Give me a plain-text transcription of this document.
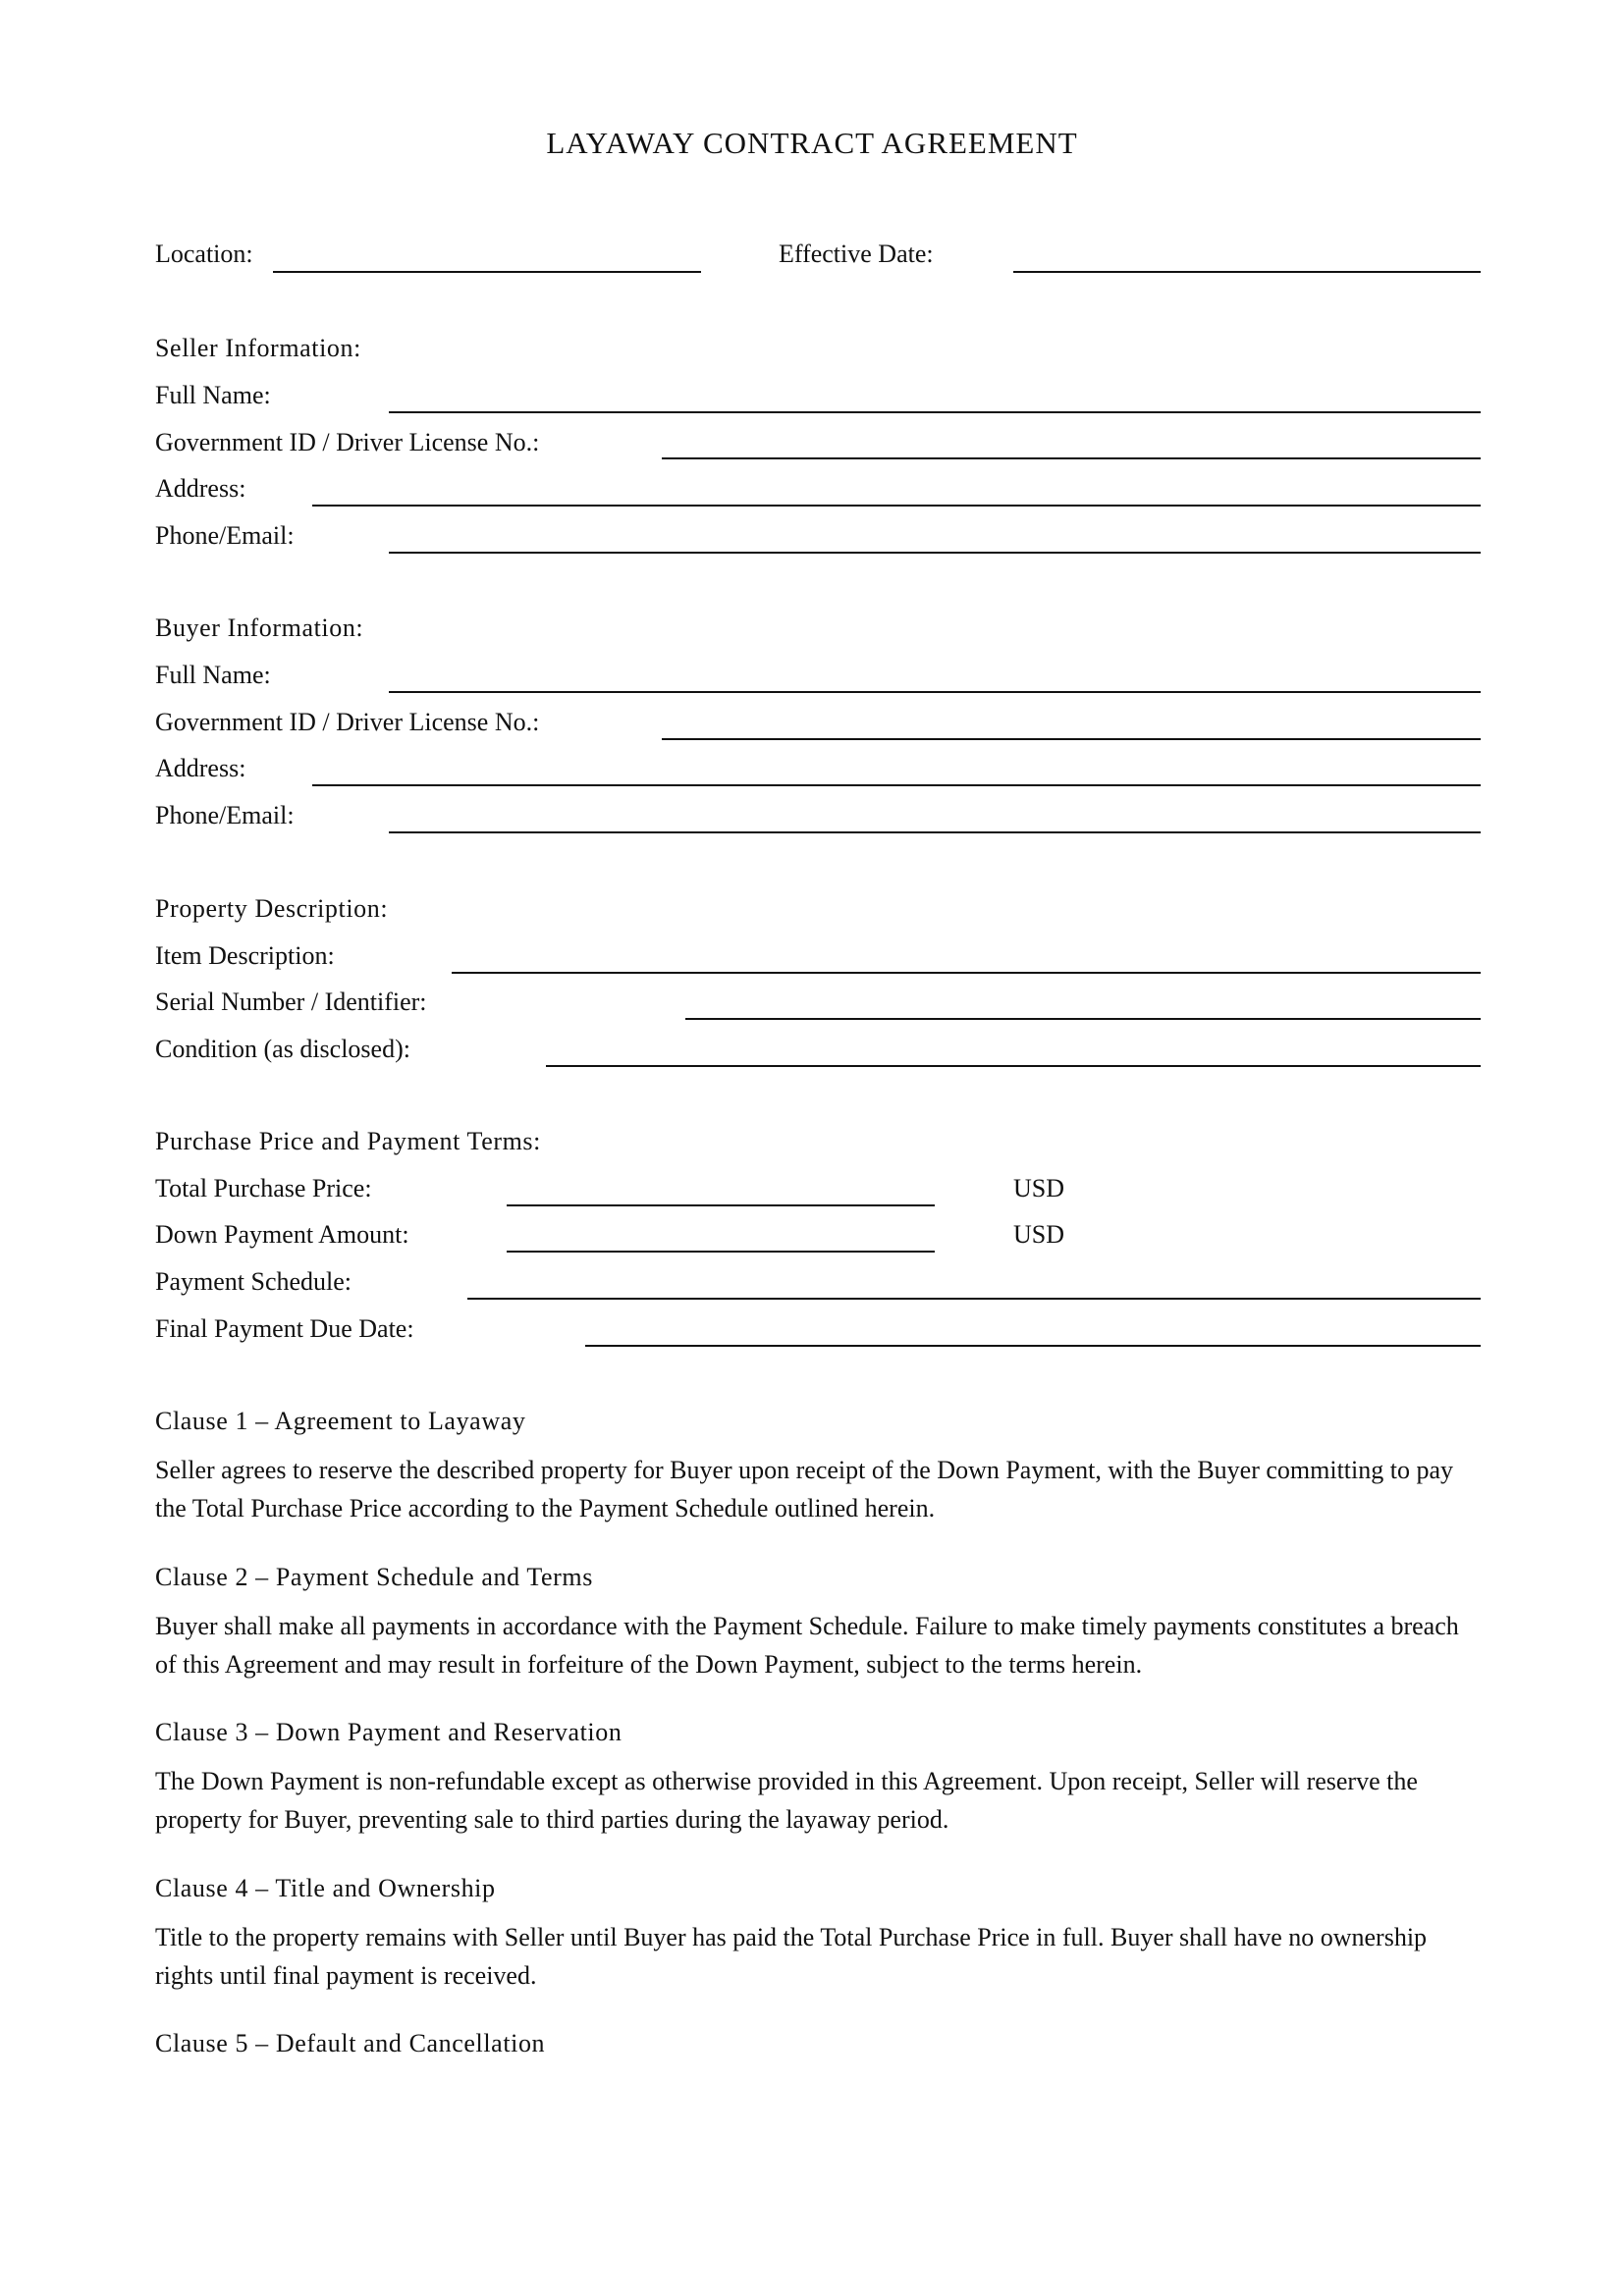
LAYAWAY CONTRACT AGREEMENT
Location:	Effective Date:
Seller Information:
Full Name:
Government ID / Driver License No.:
Address:
Phone/Email:
Buyer Information:
Full Name:
Government ID / Driver License No.:
Address:
Phone/Email:
Property Description:
Item Description:
Serial Number / Identifier:
Condition (as disclosed):
Purchase Price and Payment Terms:
Total Purchase Price:	USD
Down Payment Amount:	USD
Payment Schedule:
Final Payment Due Date:
Clause 1 – Agreement to Layaway
Seller agrees to reserve the described property for Buyer upon receipt of the Down Payment, with the Buyer committing to pay the Total Purchase Price according to the Payment Schedule outlined herein.
Clause 2 – Payment Schedule and Terms
Buyer shall make all payments in accordance with the Payment Schedule. Failure to make timely payments constitutes a breach of this Agreement and may result in forfeiture of the Down Payment, subject to the terms herein.
Clause 3 – Down Payment and Reservation
The Down Payment is non-refundable except as otherwise provided in this Agreement. Upon receipt, Seller will reserve the property for Buyer, preventing sale to third parties during the layaway period.
Clause 4 – Title and Ownership
Title to the property remains with Seller until Buyer has paid the Total Purchase Price in full. Buyer shall have no ownership rights until final payment is received.
Clause 5 – Default and Cancellation
